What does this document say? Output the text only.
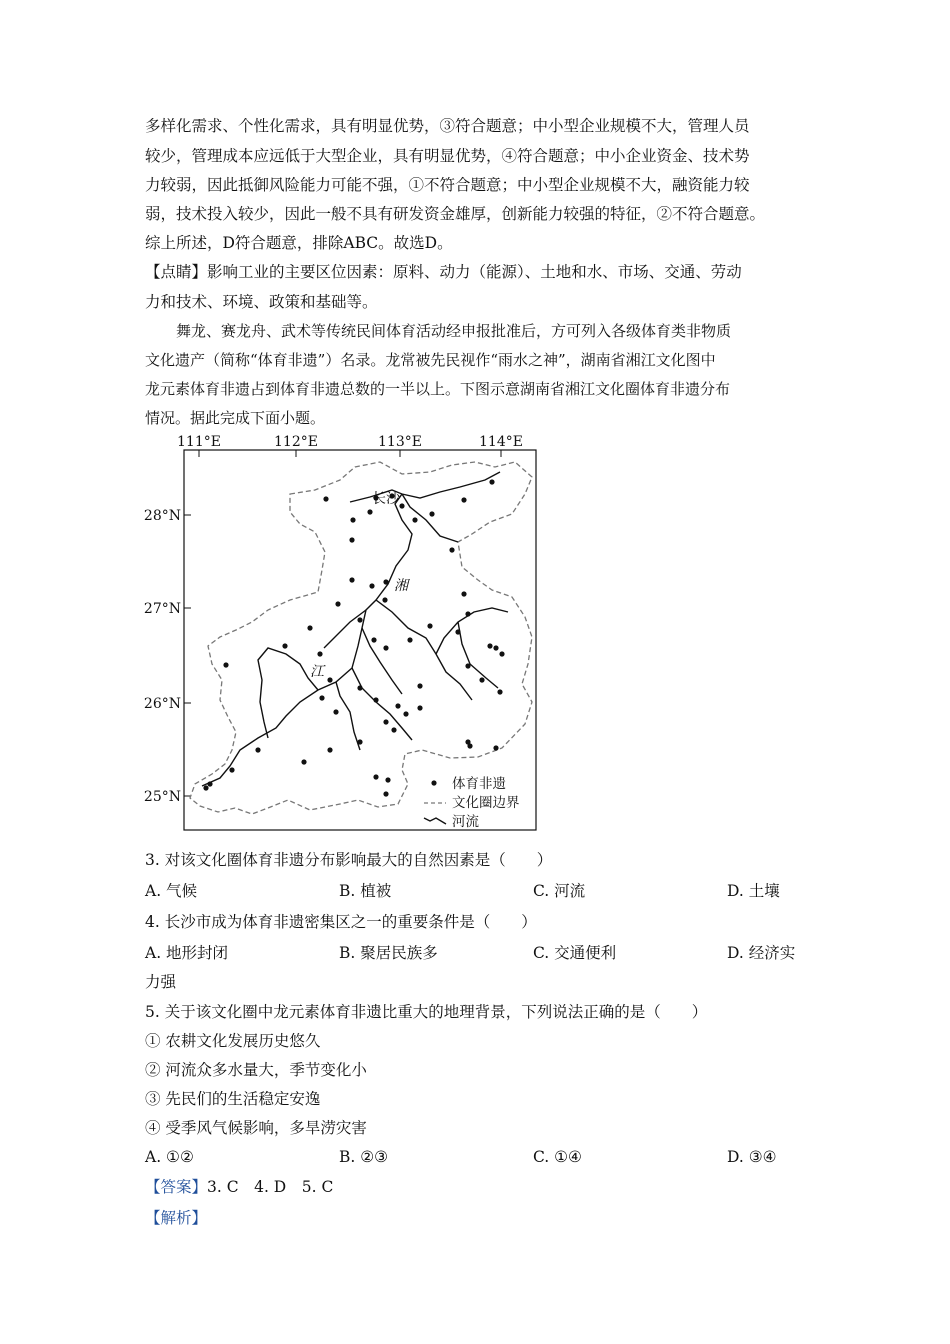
多样化需求、个性化需求，具有明显优势，③符合题意；中小型企业规模不大，管理人员
较少，管理成本应远低于大型企业，具有明显优势，④符合题意；中小企业资金、技术势
力较弱，因此抵御风险能力可能不强，①不符合题意；中小型企业规模不大，融资能力较
弱，技术投入较少，因此一般不具有研发资金雄厚，创新能力较强的特征，②不符合题意。
综上所述，D符合题意，排除ABC。故选D。
【点睛】影响工业的主要区位因素：原料、动力（能源）、土地和水、市场、交通、劳动
力和技术、环境、政策和基础等。
舞龙、赛龙舟、武术等传统民间体育活动经申报批准后，方可列入各级体育类非物质
文化遗产（简称“体育非遗”）名录。龙常被先民视作“雨水之神”，湖南省湘江文化图中
龙元素体育非遗占到体育非遗总数的一半以上。下图示意湖南省湘江文化圈体育非遗分布
情况。据此完成下面小题。
111°E	112°E	113°E	114°E
28°N
27°N
26°N
25°N
长沙
湘
江
体育非遗
文化圈边界
河流
3. 对该文化圈体育非遗分布影响最大的自然因素是（　　）
A. 气候	B. 植被	C. 河流	D. 土壤
4. 长沙市成为体育非遗密集区之一的重要条件是（　　）
A. 地形封闭	B. 聚居民族多	C. 交通便利	D. 经济实
力强
5. 关于该文化圈中龙元素体育非遗比重大的地理背景，下列说法正确的是（　　）
① 农耕文化发展历史悠久
② 河流众多水量大，季节变化小
③ 先民们的生活稳定安逸
④ 受季风气候影响，多旱涝灾害
A. ①②	B. ②③	C. ①④	D. ③④
【答案】3. C　4. D　5. C
【解析】
